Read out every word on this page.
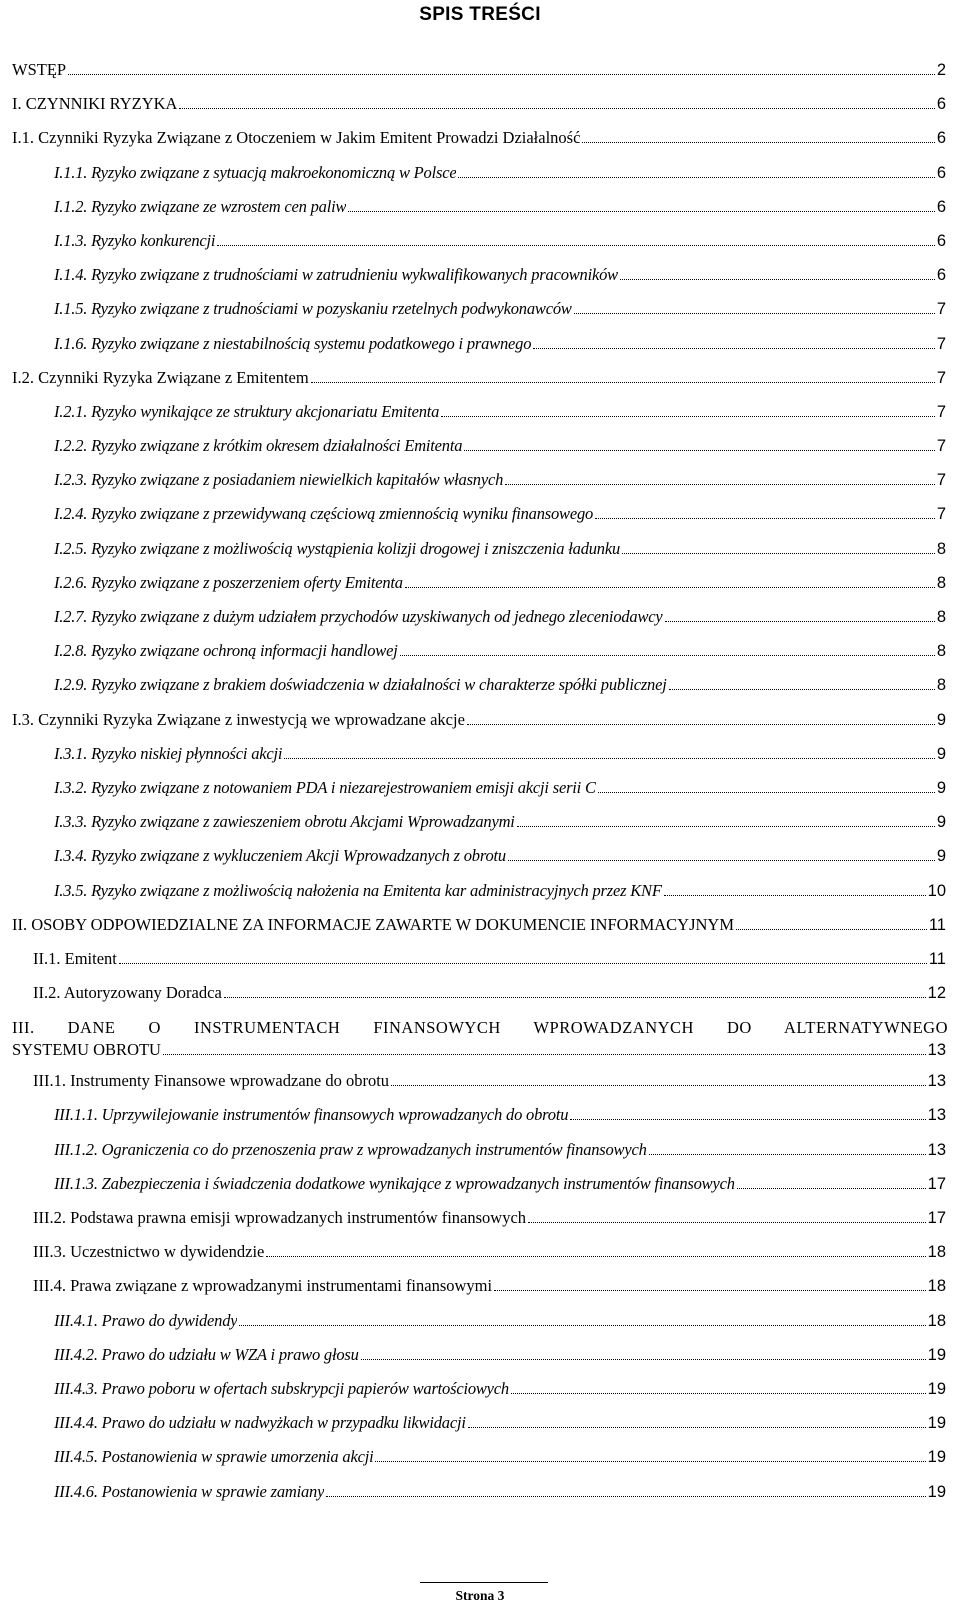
SPIS TREŚCI
WSTĘP	2
I. CZYNNIKI RYZYKA	6
I.1. Czynniki Ryzyka Związane z Otoczeniem w Jakim Emitent Prowadzi Działalność	6
I.1.1. Ryzyko związane z sytuacją makroekonomiczną w Polsce	6
I.1.2. Ryzyko związane ze wzrostem cen paliw	6
I.1.3. Ryzyko konkurencji	6
I.1.4. Ryzyko związane z trudnościami w zatrudnieniu wykwalifikowanych pracowników	6
I.1.5. Ryzyko związane z trudnościami w pozyskaniu rzetelnych podwykonawców	7
I.1.6. Ryzyko związane z niestabilnością systemu podatkowego i prawnego	7
I.2. Czynniki Ryzyka Związane z Emitentem	7
I.2.1. Ryzyko wynikające ze struktury akcjonariatu Emitenta	7
I.2.2. Ryzyko związane z krótkim okresem działalności Emitenta	7
I.2.3. Ryzyko związane z posiadaniem niewielkich kapitałów własnych	7
I.2.4. Ryzyko związane z przewidywaną częściową zmiennością wyniku finansowego	7
I.2.5. Ryzyko związane z możliwością wystąpienia kolizji drogowej i zniszczenia ładunku	8
I.2.6. Ryzyko związane z poszerzeniem oferty Emitenta	8
I.2.7. Ryzyko związane z dużym udziałem przychodów uzyskiwanych od jednego zleceniodawcy	8
I.2.8. Ryzyko związane ochroną informacji handlowej	8
I.2.9. Ryzyko związane z brakiem doświadczenia w działalności w charakterze spółki publicznej	8
I.3. Czynniki Ryzyka Związane z inwestycją we wprowadzane akcje	9
I.3.1. Ryzyko niskiej płynności akcji	9
I.3.2. Ryzyko związane z notowaniem PDA i niezarejestrowaniem emisji akcji serii C	9
I.3.3. Ryzyko związane z zawieszeniem obrotu Akcjami Wprowadzanymi	9
I.3.4. Ryzyko związane z wykluczeniem Akcji Wprowadzanych z obrotu	9
I.3.5. Ryzyko związane z możliwością nałożenia na Emitenta kar administracyjnych przez KNF	10
II. OSOBY ODPOWIEDZIALNE ZA INFORMACJE ZAWARTE W DOKUMENCIE INFORMACYJNYM	11
II.1. Emitent	11
II.2. Autoryzowany Doradca	12
III. DANE O INSTRUMENTACH FINANSOWYCH WPROWADZANYCH DO ALTERNATYWNEGO
SYSTEMU OBROTU	13
III.1. Instrumenty Finansowe wprowadzane do obrotu	13
III.1.1. Uprzywilejowanie instrumentów finansowych wprowadzanych do obrotu	13
III.1.2. Ograniczenia co do przenoszenia praw z wprowadzanych instrumentów finansowych	13
III.1.3. Zabezpieczenia i świadczenia dodatkowe wynikające z wprowadzanych instrumentów finansowych	17
III.2. Podstawa prawna emisji wprowadzanych instrumentów finansowych	17
III.3. Uczestnictwo w dywidendzie	18
III.4. Prawa związane z wprowadzanymi instrumentami finansowymi	18
III.4.1. Prawo do dywidendy	18
III.4.2. Prawo do udziału w WZA i prawo głosu	19
III.4.3. Prawo poboru w ofertach subskrypcji papierów wartościowych	19
III.4.4. Prawo do udziału w nadwyżkach w przypadku likwidacji	19
III.4.5. Postanowienia w sprawie umorzenia akcji	19
III.4.6. Postanowienia w sprawie zamiany	19
Strona 3
